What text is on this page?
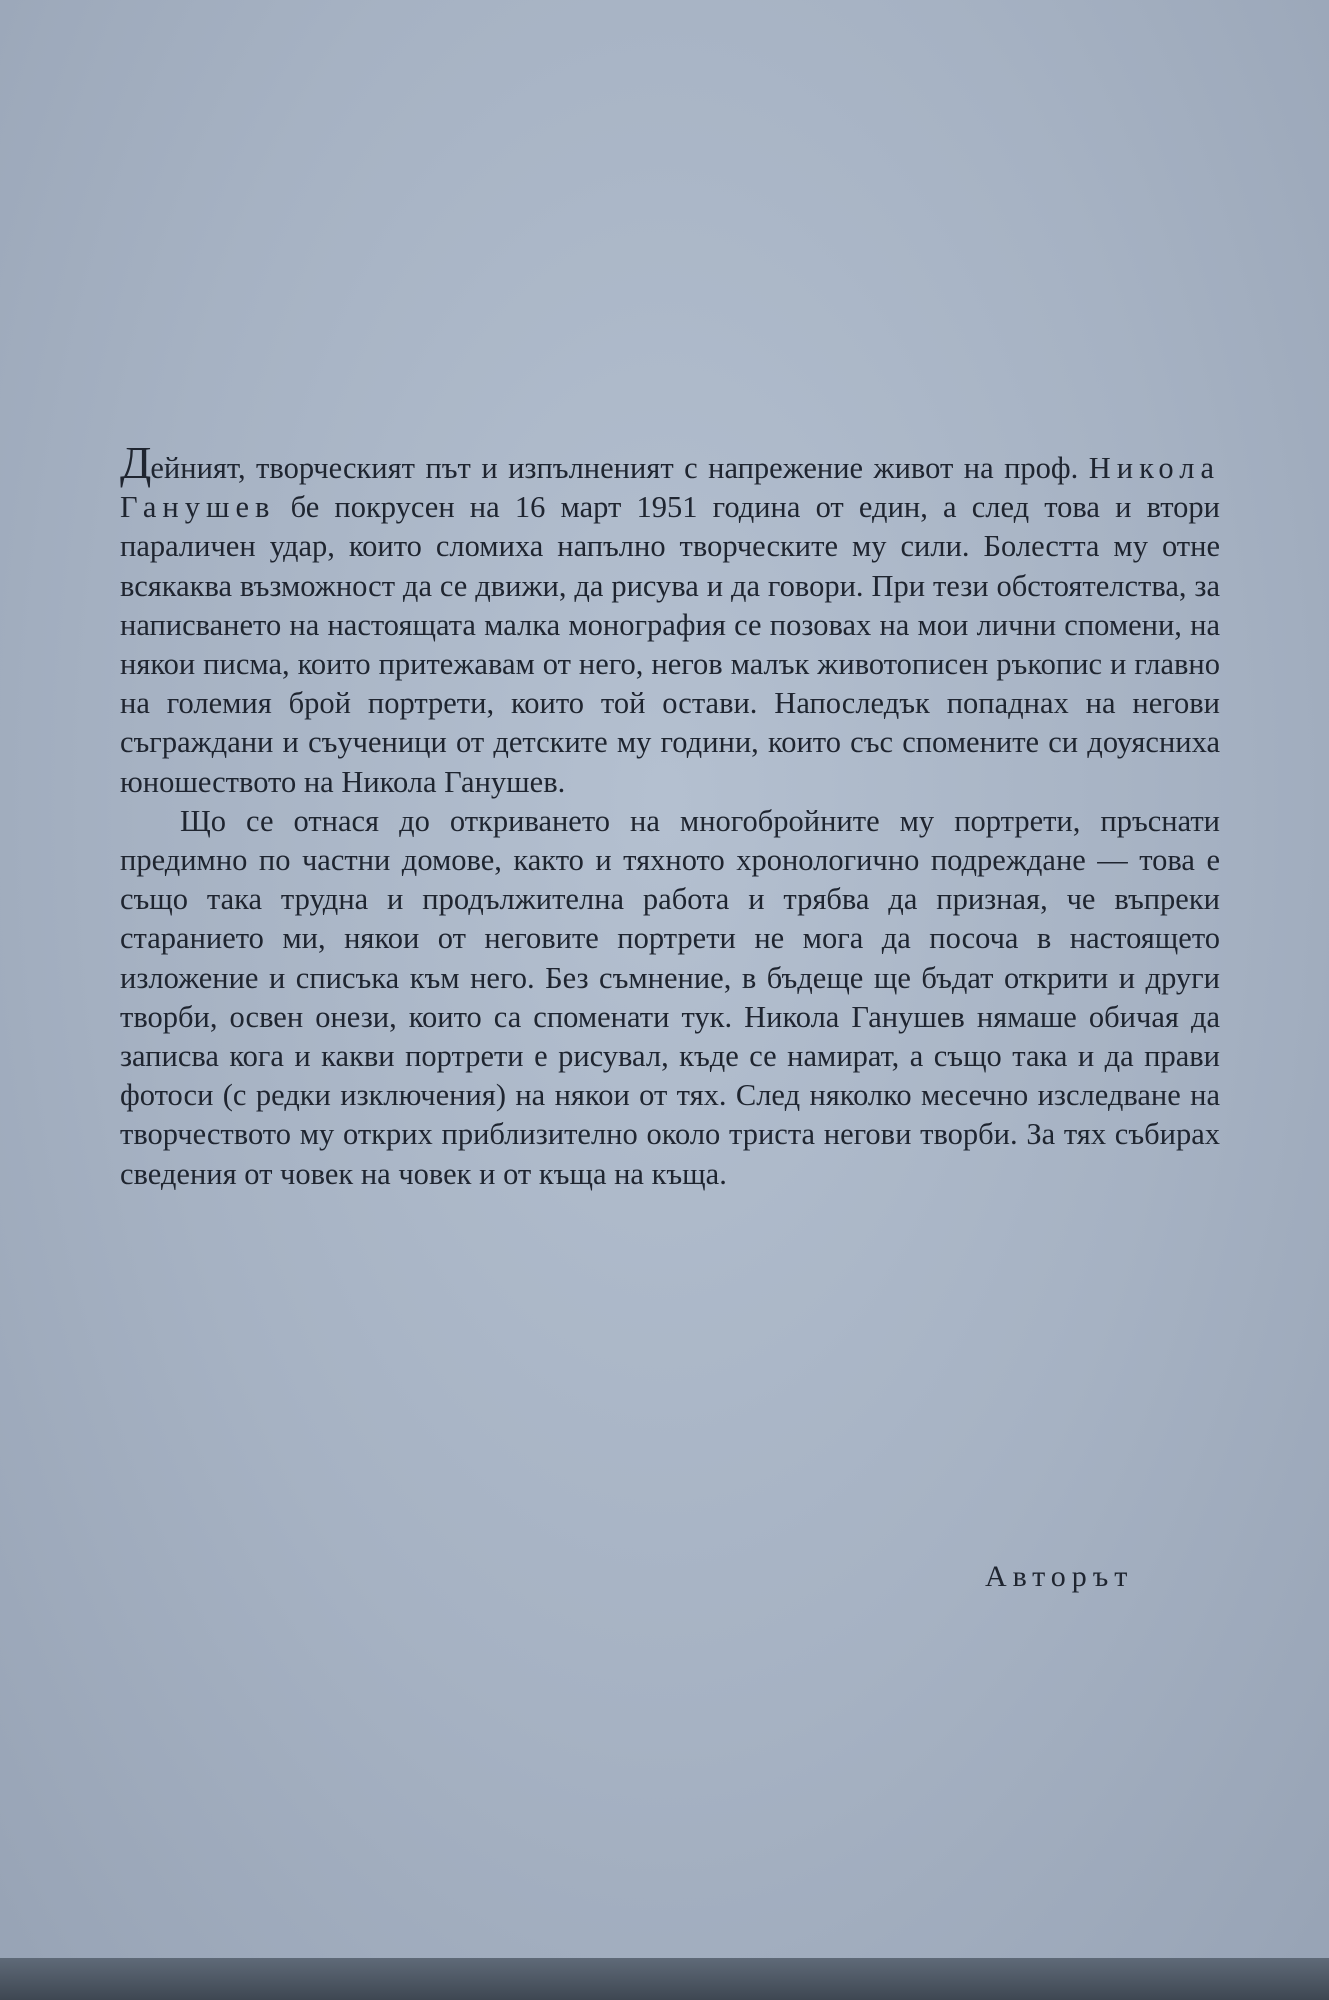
Дейният, творческият път и изпълненият с напрежение живот на проф. Никола Ганушев бе покрусен на 16 март 1951 година от един, а след това и втори параличен удар, които сломиха напълно творческите му сили. Болестта му отне всякаква възможност да се движи, да рисува и да говори. При тези обстоятелства, за написването на настоящата малка монография се позовах на мои лични спомени, на някои писма, които притежавам от него, негов малък животописен ръкопис и главно на големия брой портрети, които той остави. Напоследък попаднах на негови съграждани и съученици от детските му години, които със спомените си доуясниха юношеството на Никола Ганушев.

Що се отнася до откриването на многобройните му портрети, пръснати предимно по частни домове, както и тяхното хронологично подреждане — това е също така трудна и продължителна работа и трябва да призная, че въпреки старанието ми, някои от неговите портрети не мога да посоча в настоящето изложение и списъка към него. Без съмнение, в бъдеще ще бъдат открити и други творби, освен онези, които са споменати тук. Никола Ганушев нямаше обичая да записва кога и какви портрети е рисувал, къде се намират, а също така и да прави фотоси (с редки изключения) на някои от тях. След няколко месечно изследване на творчеството му открих приблизително около триста негови творби. За тях събирах сведения от човек на човек и от къща на къща.

Авторът
